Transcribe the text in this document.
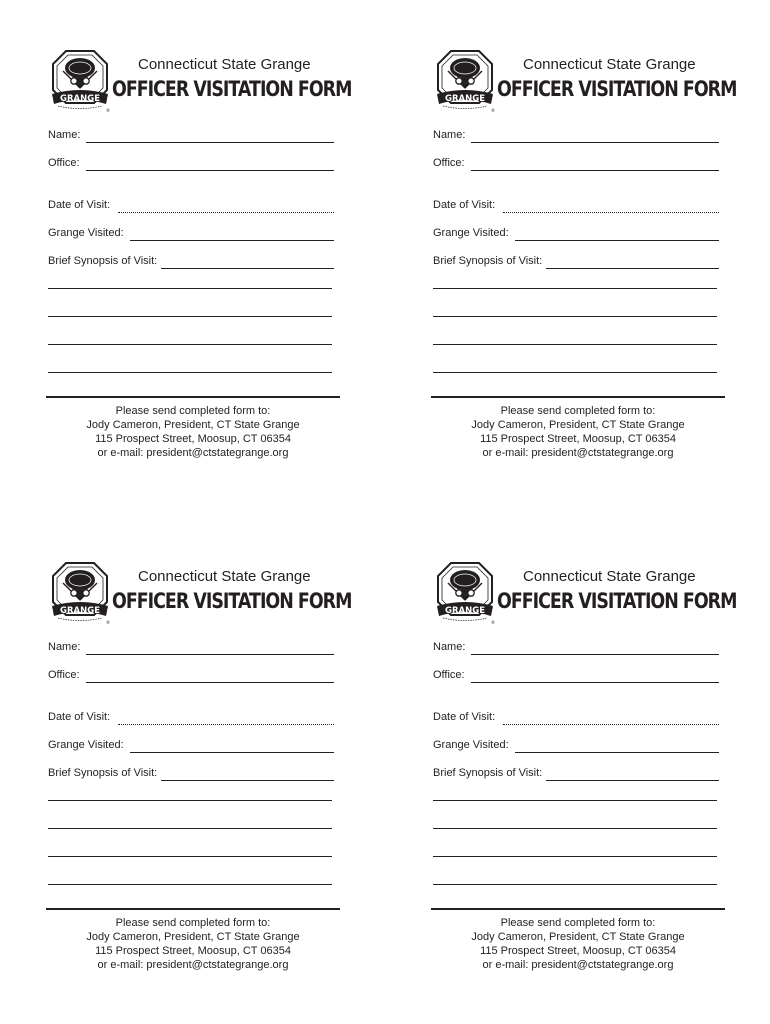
GRANGE
®
Connecticut State Grange
OFFICER VISITATION FORM
Name:
Office:
Date of Visit:
Grange Visited:
Brief Synopsis of Visit:
Please send completed form to:
Jody Cameron, President, CT State Grange
115 Prospect Street, Moosup, CT 06354
or e-mail: president@ctstategrange.org
GRANGE
®
Connecticut State Grange
OFFICER VISITATION FORM
Name:
Office:
Date of Visit:
Grange Visited:
Brief Synopsis of Visit:
Please send completed form to:
Jody Cameron, President, CT State Grange
115 Prospect Street, Moosup, CT 06354
or e-mail: president@ctstategrange.org
GRANGE
®
Connecticut State Grange
OFFICER VISITATION FORM
Name:
Office:
Date of Visit:
Grange Visited:
Brief Synopsis of Visit:
Please send completed form to:
Jody Cameron, President, CT State Grange
115 Prospect Street, Moosup, CT 06354
or e-mail: president@ctstategrange.org
GRANGE
®
Connecticut State Grange
OFFICER VISITATION FORM
Name:
Office:
Date of Visit:
Grange Visited:
Brief Synopsis of Visit:
Please send completed form to:
Jody Cameron, President, CT State Grange
115 Prospect Street, Moosup, CT 06354
or e-mail: president@ctstategrange.org
